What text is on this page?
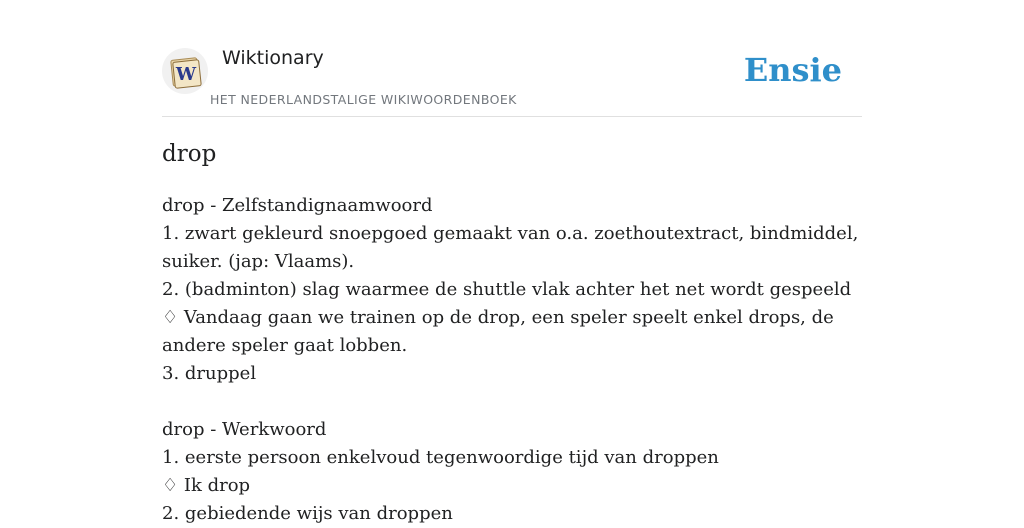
W
Wiktionary
HET NEDERLANDSTALIGE WIKIWOORDENBOEK
Ensie
drop
drop - Zelfstandignaamwoord
1. zwart gekleurd snoepgoed gemaakt van o.a. zoethoutextract, bindmiddel, suiker. (jap: Vlaams).
2. (badminton) slag waarmee de shuttle vlak achter het net wordt gespeeld
♢ Vandaag gaan we trainen op de drop, een speler speelt enkel drops, de andere speler gaat lobben.
3. druppel
drop - Werkwoord
1. eerste persoon enkelvoud tegenwoordige tijd van droppen
♢ Ik drop
2. gebiedende wijs van droppen
